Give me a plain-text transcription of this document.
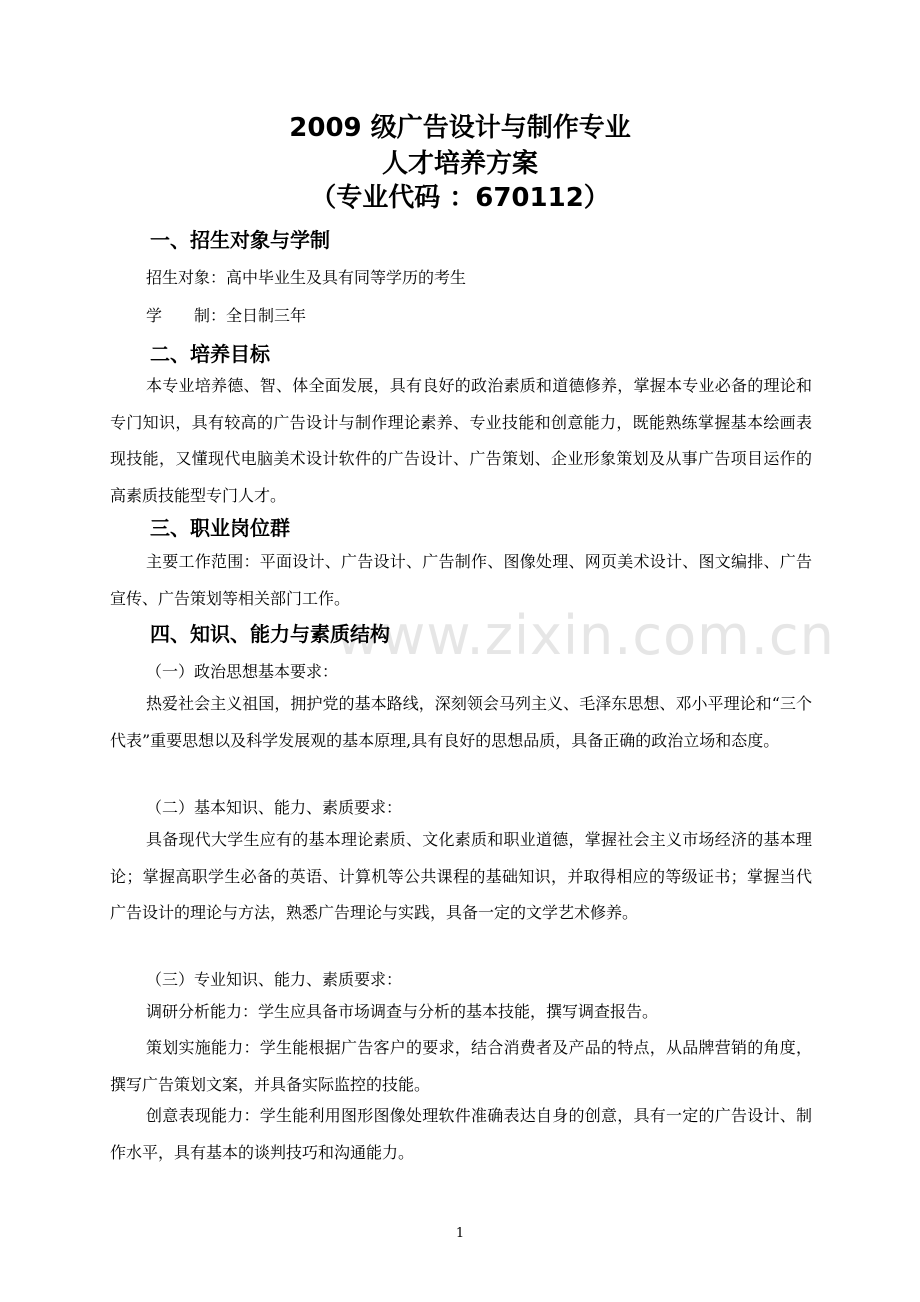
www.zixin.com.cn
2009 级广告设计与制作专业
人才培养方案
（专业代码 ：670112）
一、招生对象与学制
招生对象：高中毕业生及具有同等学历的考生
学　　制：全日制三年
二、培养目标
本专业培养德、智、体全面发展，具有良好的政治素质和道德修养，掌握本专业必备的理论和专门知识，具有较高的广告设计与制作理论素养、专业技能和创意能力，既能熟练掌握基本绘画表现技能，又懂现代电脑美术设计软件的广告设计、广告策划、企业形象策划及从事广告项目运作的高素质技能型专门人才。
三、职业岗位群
主要工作范围：平面设计、广告设计、广告制作、图像处理、网页美术设计、图文编排、广告宣传、广告策划等相关部门工作。
四、知识、能力与素质结构
（一）政治思想基本要求：
热爱社会主义祖国，拥护党的基本路线，深刻领会马列主义、毛泽东思想、邓小平理论和“三个代表”重要思想以及科学发展观的基本原理,具有良好的思想品质，具备正确的政治立场和态度。
（二）基本知识、能力、素质要求：
具备现代大学生应有的基本理论素质、文化素质和职业道德，掌握社会主义市场经济的基本理论；掌握高职学生必备的英语、计算机等公共课程的基础知识，并取得相应的等级证书；掌握当代广告设计的理论与方法，熟悉广告理论与实践，具备一定的文学艺术修养。
（三）专业知识、能力、素质要求：
调研分析能力：学生应具备市场调查与分析的基本技能，撰写调查报告。
策划实施能力：学生能根据广告客户的要求，结合消费者及产品的特点，从品牌营销的角度，撰写广告策划文案，并具备实际监控的技能。
创意表现能力：学生能利用图形图像处理软件准确表达自身的创意，具有一定的广告设计、制作水平，具有基本的谈判技巧和沟通能力。
1
